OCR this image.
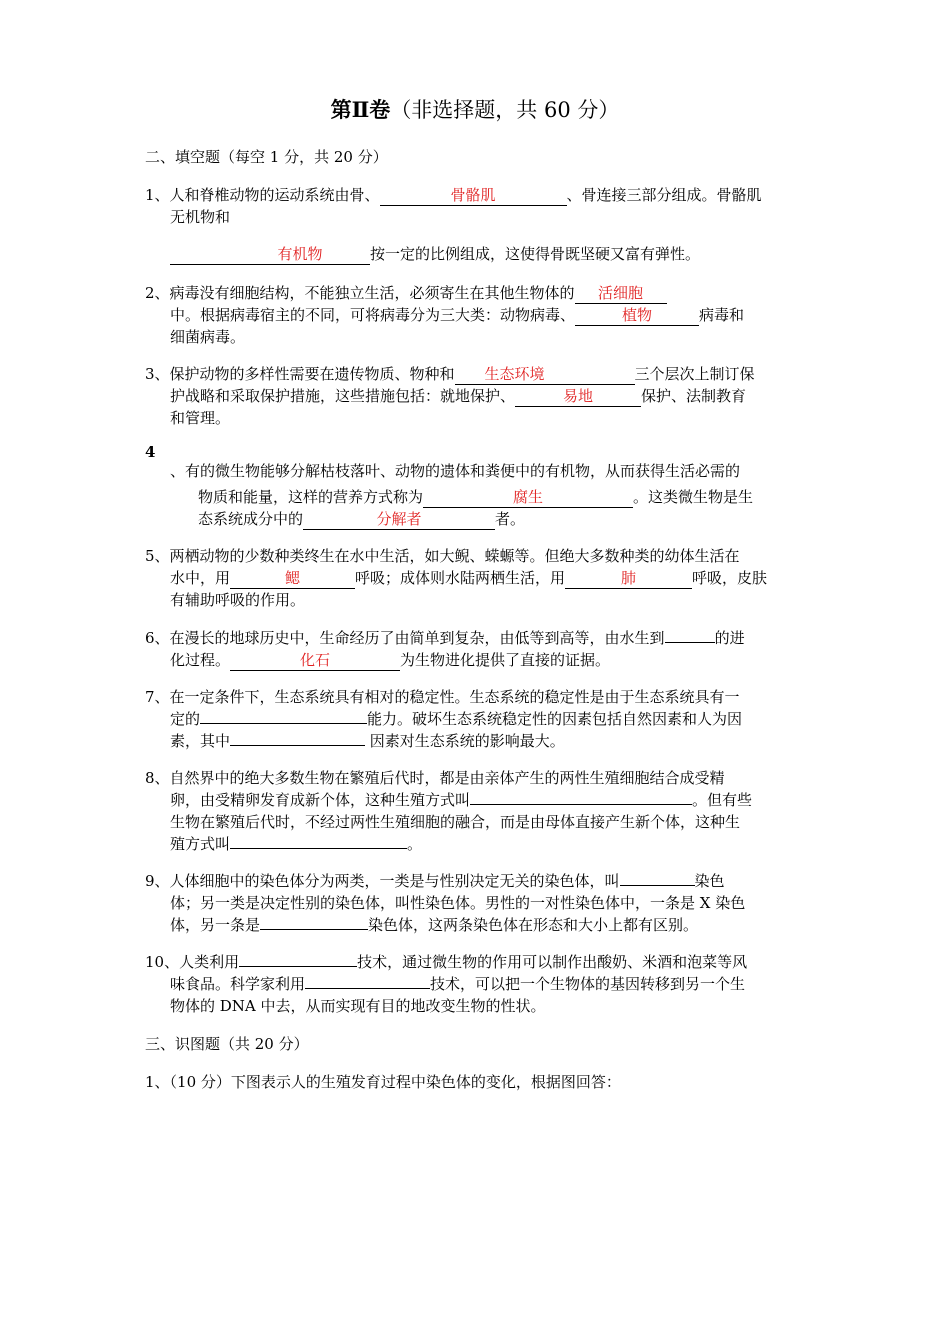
第Ⅱ卷（非选择题，共 60 分）
二、填空题（每空 1 分，共 20 分）
1、人和脊椎动物的运动系统由骨、	骨骼肌	、骨连接三部分组成。骨骼肌
无机物和
有机物	按一定的比例组成，这使得骨既坚硬又富有弹性。
2、病毒没有细胞结构，不能独立生活，必须寄生在其他生物体的 活细胞
中。根据病毒宿主的不同，可将病毒分为三大类：动物病毒、	植物	病毒和
细菌病毒。
3、保护动物的多样性需要在遗传物质、物种和 生态环境	三个层次上制订保
护战略和采取保护措施，这些措施包括：就地保护、	易地	保护、法制教育
和管理。
4
、有的微生物能够分解枯枝落叶、动物的遗体和粪便中的有机物，从而获得生活必需的
物质和能量，这样的营养方式称为	腐生	。这类微生物是生
态系统成分中的	分解者	者。
5、两栖动物的少数种类终生在水中生活，如大鲵、蝾螈等。但绝大多数种类的幼体生活在
水中，用	鳃	呼吸；成体则水陆两栖生活，用	肺	呼吸，皮肤
有辅助呼吸的作用。
6、在漫长的地球历史中，生命经历了由简单到复杂，由低等到高等，由水生到	的进
化过程。	化石	为生物进化提供了直接的证据。
7、在一定条件下，生态系统具有相对的稳定性。生态系统的稳定性是由于生态系统具有一
定的	能力。破坏生态系统稳定性的因素包括自然因素和人为因
素，其中	因素对生态系统的影响最大。
8、自然界中的绝大多数生物在繁殖后代时，都是由亲体产生的两性生殖细胞结合成受精
卵，由受精卵发育成新个体，这种生殖方式叫	。但有些
生物在繁殖后代时，不经过两性生殖细胞的融合，而是由母体直接产生新个体，这种生
殖方式叫	。
9、人体细胞中的染色体分为两类，一类是与性别决定无关的染色体，叫	染色
体；另一类是决定性别的染色体，叫性染色体。男性的一对性染色体中，一条是 X 染色
体，另一条是	染色体，这两条染色体在形态和大小上都有区别。
10、人类利用	技术，通过微生物的作用可以制作出酸奶、米酒和泡菜等风
味食品。科学家利用	技术，可以把一个生物体的基因转移到另一个生
物体的 DNA 中去，从而实现有目的地改变生物的性状。
三、识图题（共 20 分）
1、（10 分）下图表示人的生殖发育过程中染色体的变化，根据图回答：
